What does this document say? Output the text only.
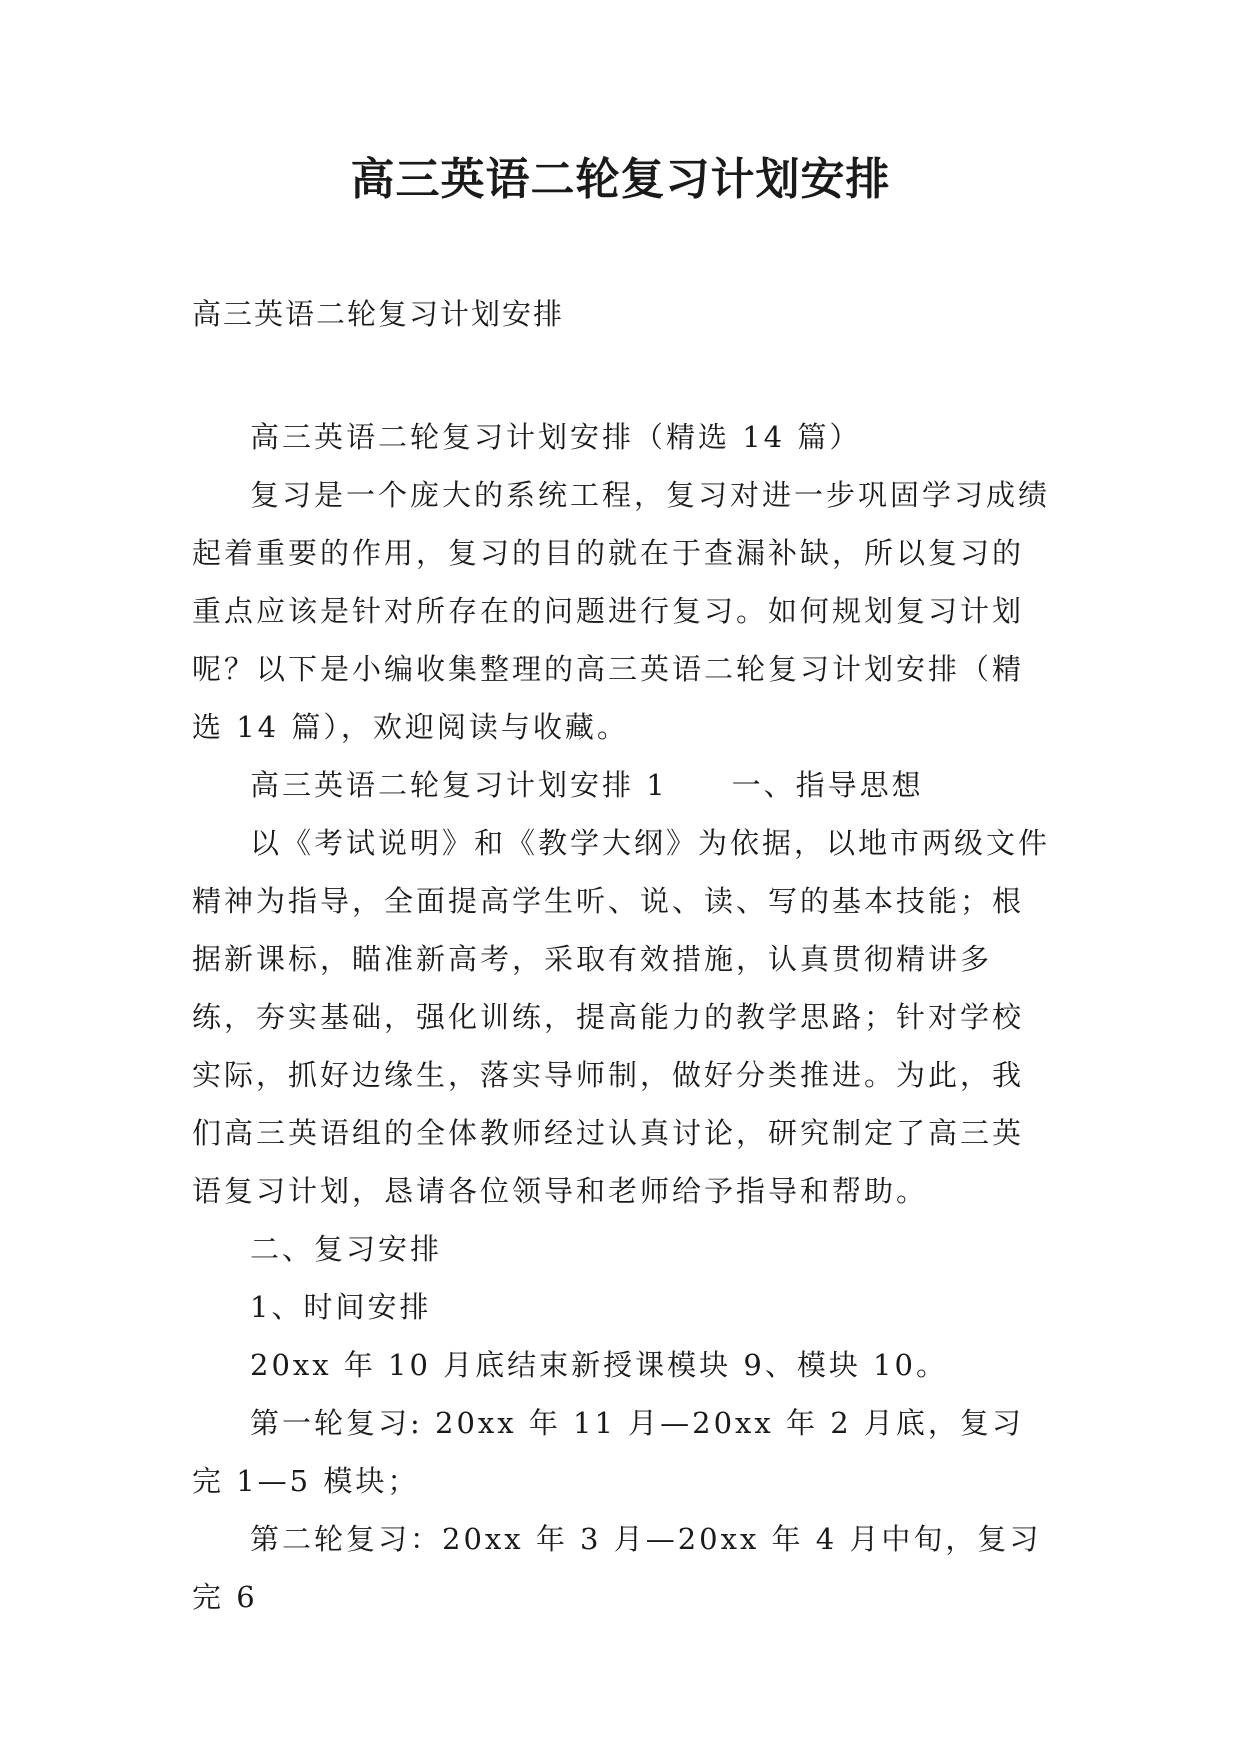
高三英语二轮复习计划安排

高三英语二轮复习计划安排

高三英语二轮复习计划安排（精选 14 篇）

复习是一个庞大的系统工程，复习对进一步巩固学习成绩起着重要的作用，复习的目的就在于查漏补缺，所以复习的重点应该是针对所存在的问题进行复习。如何规划复习计划呢？以下是小编收集整理的高三英语二轮复习计划安排（精选 14 篇），欢迎阅读与收藏。

高三英语二轮复习计划安排 1 一、指导思想

以《考试说明》和《教学大纲》为依据，以地市两级文件精神为指导，全面提高学生听、说、读、写的基本技能；根据新课标，瞄准新高考，采取有效措施，认真贯彻精讲多练，夯实基础，强化训练，提高能力的教学思路；针对学校实际，抓好边缘生，落实导师制，做好分类推进。为此，我们高三英语组的全体教师经过认真讨论，研究制定了高三英语复习计划，恳请各位领导和老师给予指导和帮助。

二、复习安排

1、时间安排

20xx 年 10 月底结束新授课模块 9、模块 10。

第一轮复习: 20xx 年 11 月—20xx 年 2 月底，复习完 1—5 模块；

第二轮复习：20xx 年 3 月—20xx 年 4 月中旬，复习完 6
